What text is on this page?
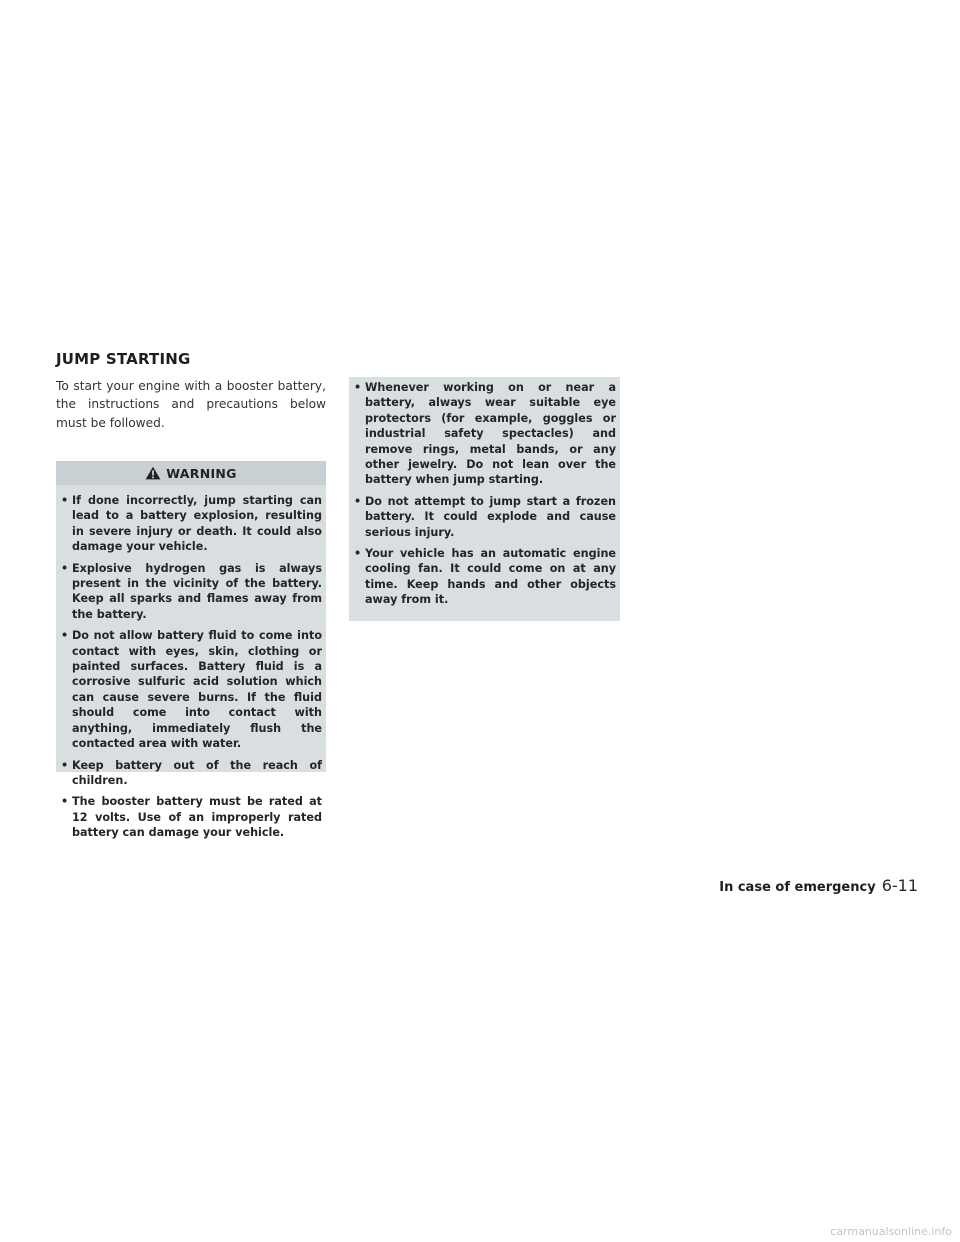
JUMP STARTING

To start your engine with a booster battery, the instructions and precautions below must be followed.

WARNING
• If done incorrectly, jump starting can lead to a battery explosion, resulting in severe injury or death. It could also damage your vehicle.
• Explosive hydrogen gas is always present in the vicinity of the battery. Keep all sparks and flames away from the battery.
• Do not allow battery fluid to come into contact with eyes, skin, clothing or painted surfaces. Battery fluid is a corrosive sulfuric acid solution which can cause severe burns. If the fluid should come into contact with anything, immediately flush the contacted area with water.
• Keep battery out of the reach of children.
• The booster battery must be rated at 12 volts. Use of an improperly rated battery can damage your vehicle.
• Whenever working on or near a battery, always wear suitable eye protectors (for example, goggles or industrial safety spectacles) and remove rings, metal bands, or any other jewelry. Do not lean over the battery when jump starting.
• Do not attempt to jump start a frozen battery. It could explode and cause serious injury.
• Your vehicle has an automatic engine cooling fan. It could come on at any time. Keep hands and other objects away from it.
In case of emergency 6-11
carmanualsonline.info
